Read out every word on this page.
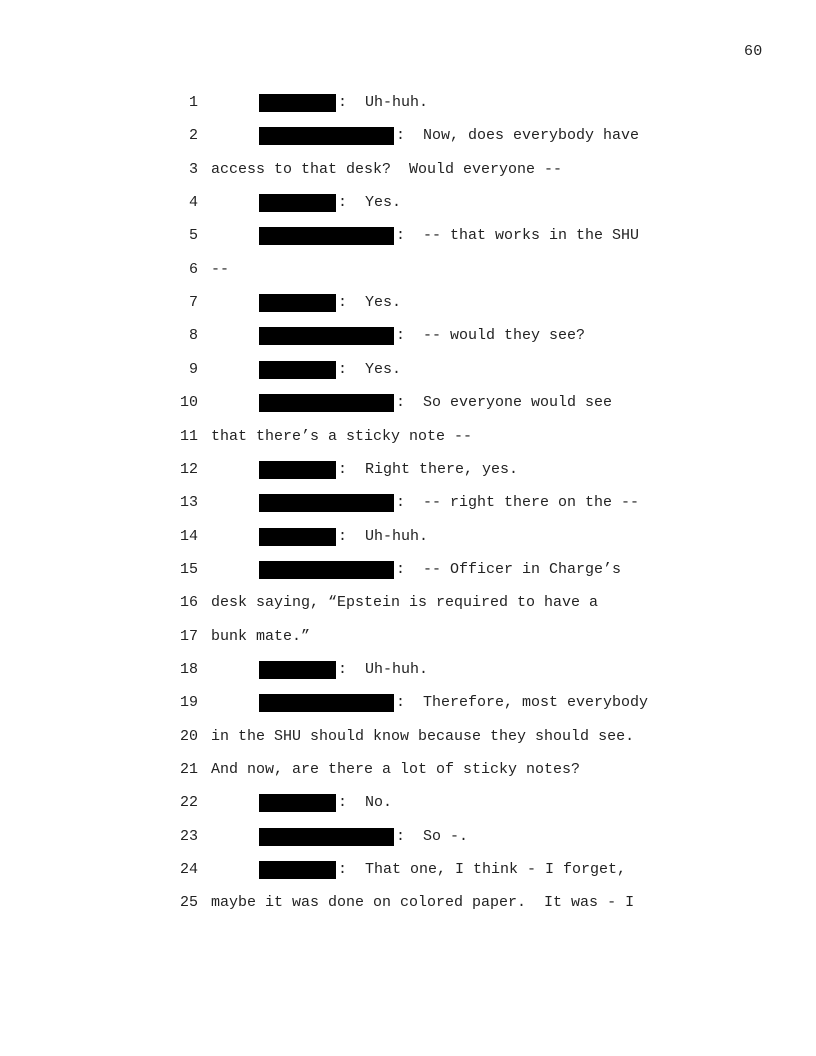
60
1	:  Uh-huh.
2	:  Now, does everybody have
3 access to that desk?  Would everyone --
4	:  Yes.
5	:  -- that works in the SHU
6 --
7	:  Yes.
8	:  -- would they see?
9	:  Yes.
10	:  So everyone would see
11 that there’s a sticky note --
12	:  Right there, yes.
13	:  -- right there on the --
14	:  Uh-huh.
15	:  -- Officer in Charge’s
16 desk saying, “Epstein is required to have a
17 bunk mate.”
18	:  Uh-huh.
19	:  Therefore, most everybody
20 in the SHU should know because they should see.
21 And now, are there a lot of sticky notes?
22	:  No.
23	:  So -.
24	:  That one, I think - I forget,
25 maybe it was done on colored paper.  It was - I
